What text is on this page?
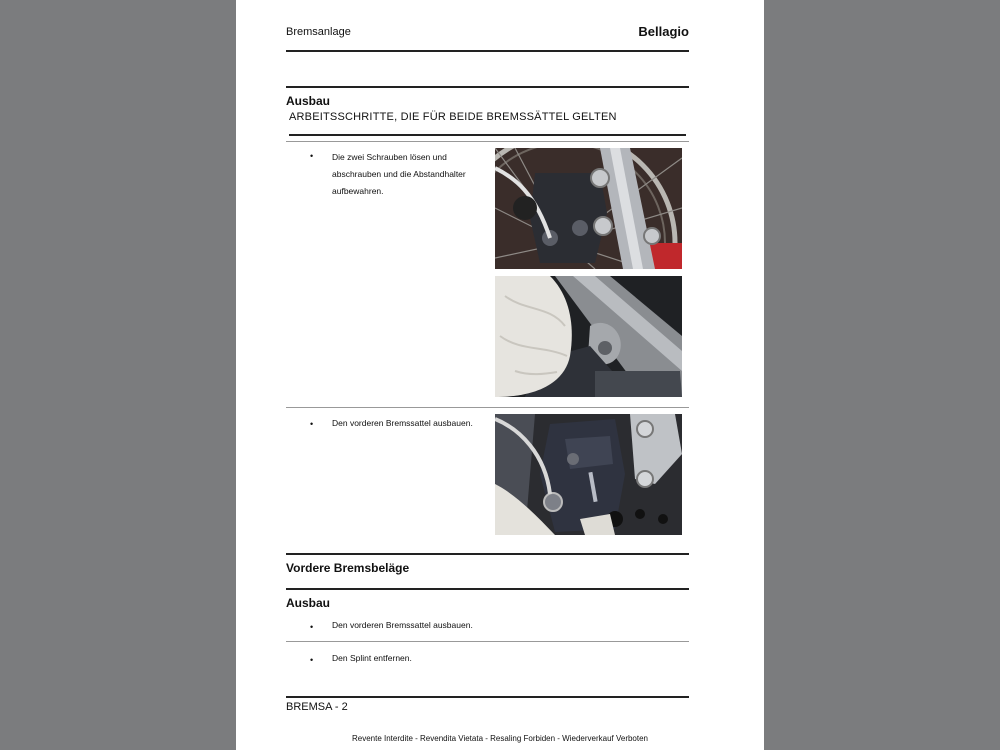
Bremsanlage	Bellagio
Ausbau
ARBEITSSCHRITTE, DIE FÜR BEIDE BREMSSÄTTEL GELTEN
• Die zwei Schrauben lösen und
abschrauben und die Abstandhalter
aufbewahren.
• Den vorderen Bremssattel ausbauen.
Vordere Bremsbeläge
Ausbau
• Den vorderen Bremssattel ausbauen.
• Den Splint entfernen.
BREMSA - 2
Revente Interdite - Revendita Vietata - Resaling Forbiden - Wiederverkauf Verboten
